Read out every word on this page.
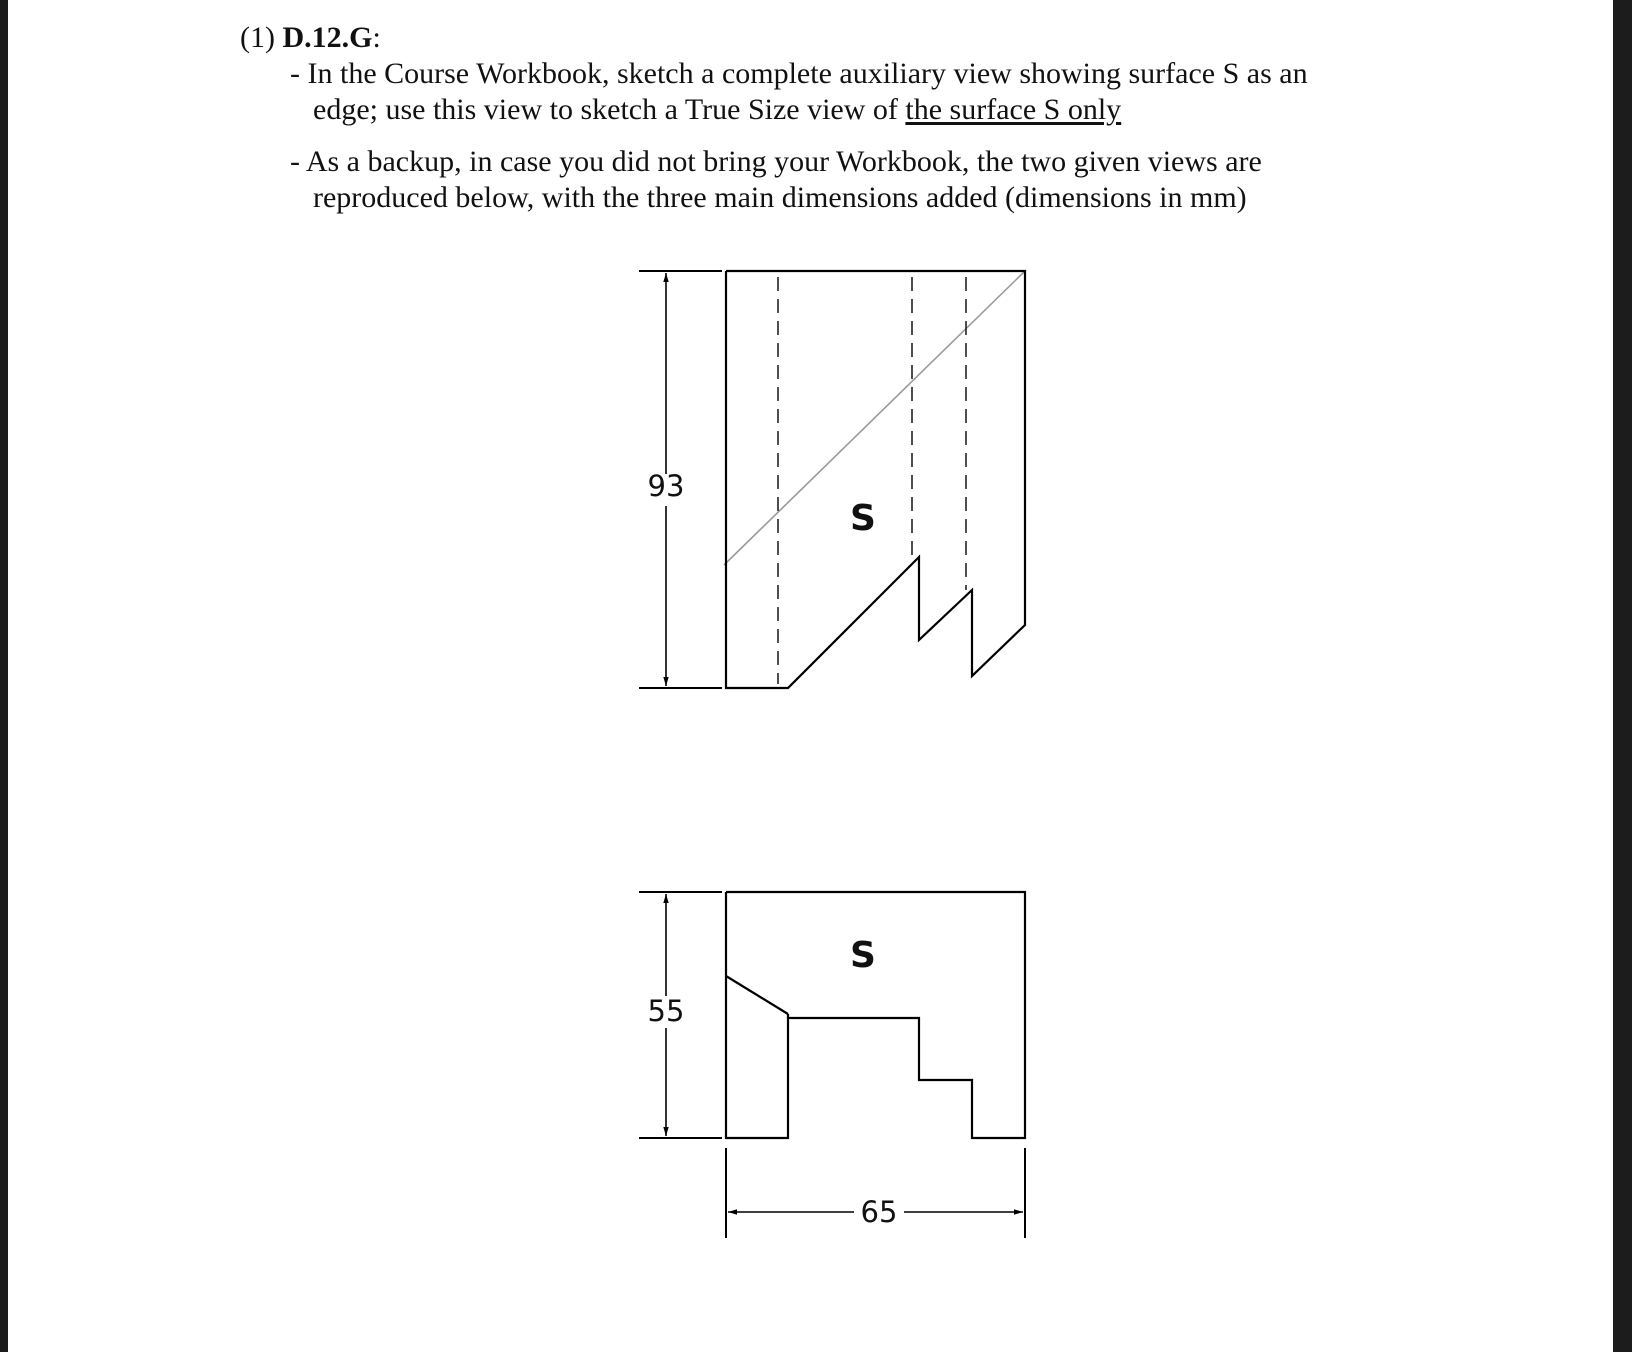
(1) D.12.G:
- In the Course Workbook, sketch a complete auxiliary view showing surface S as an
edge; use this view to sketch a True Size view of the surface S only
- As a backup, in case you did not bring your Workbook, the two given views are
reproduced below, with the three main dimensions added (dimensions in mm)
S
93
S
55
65
